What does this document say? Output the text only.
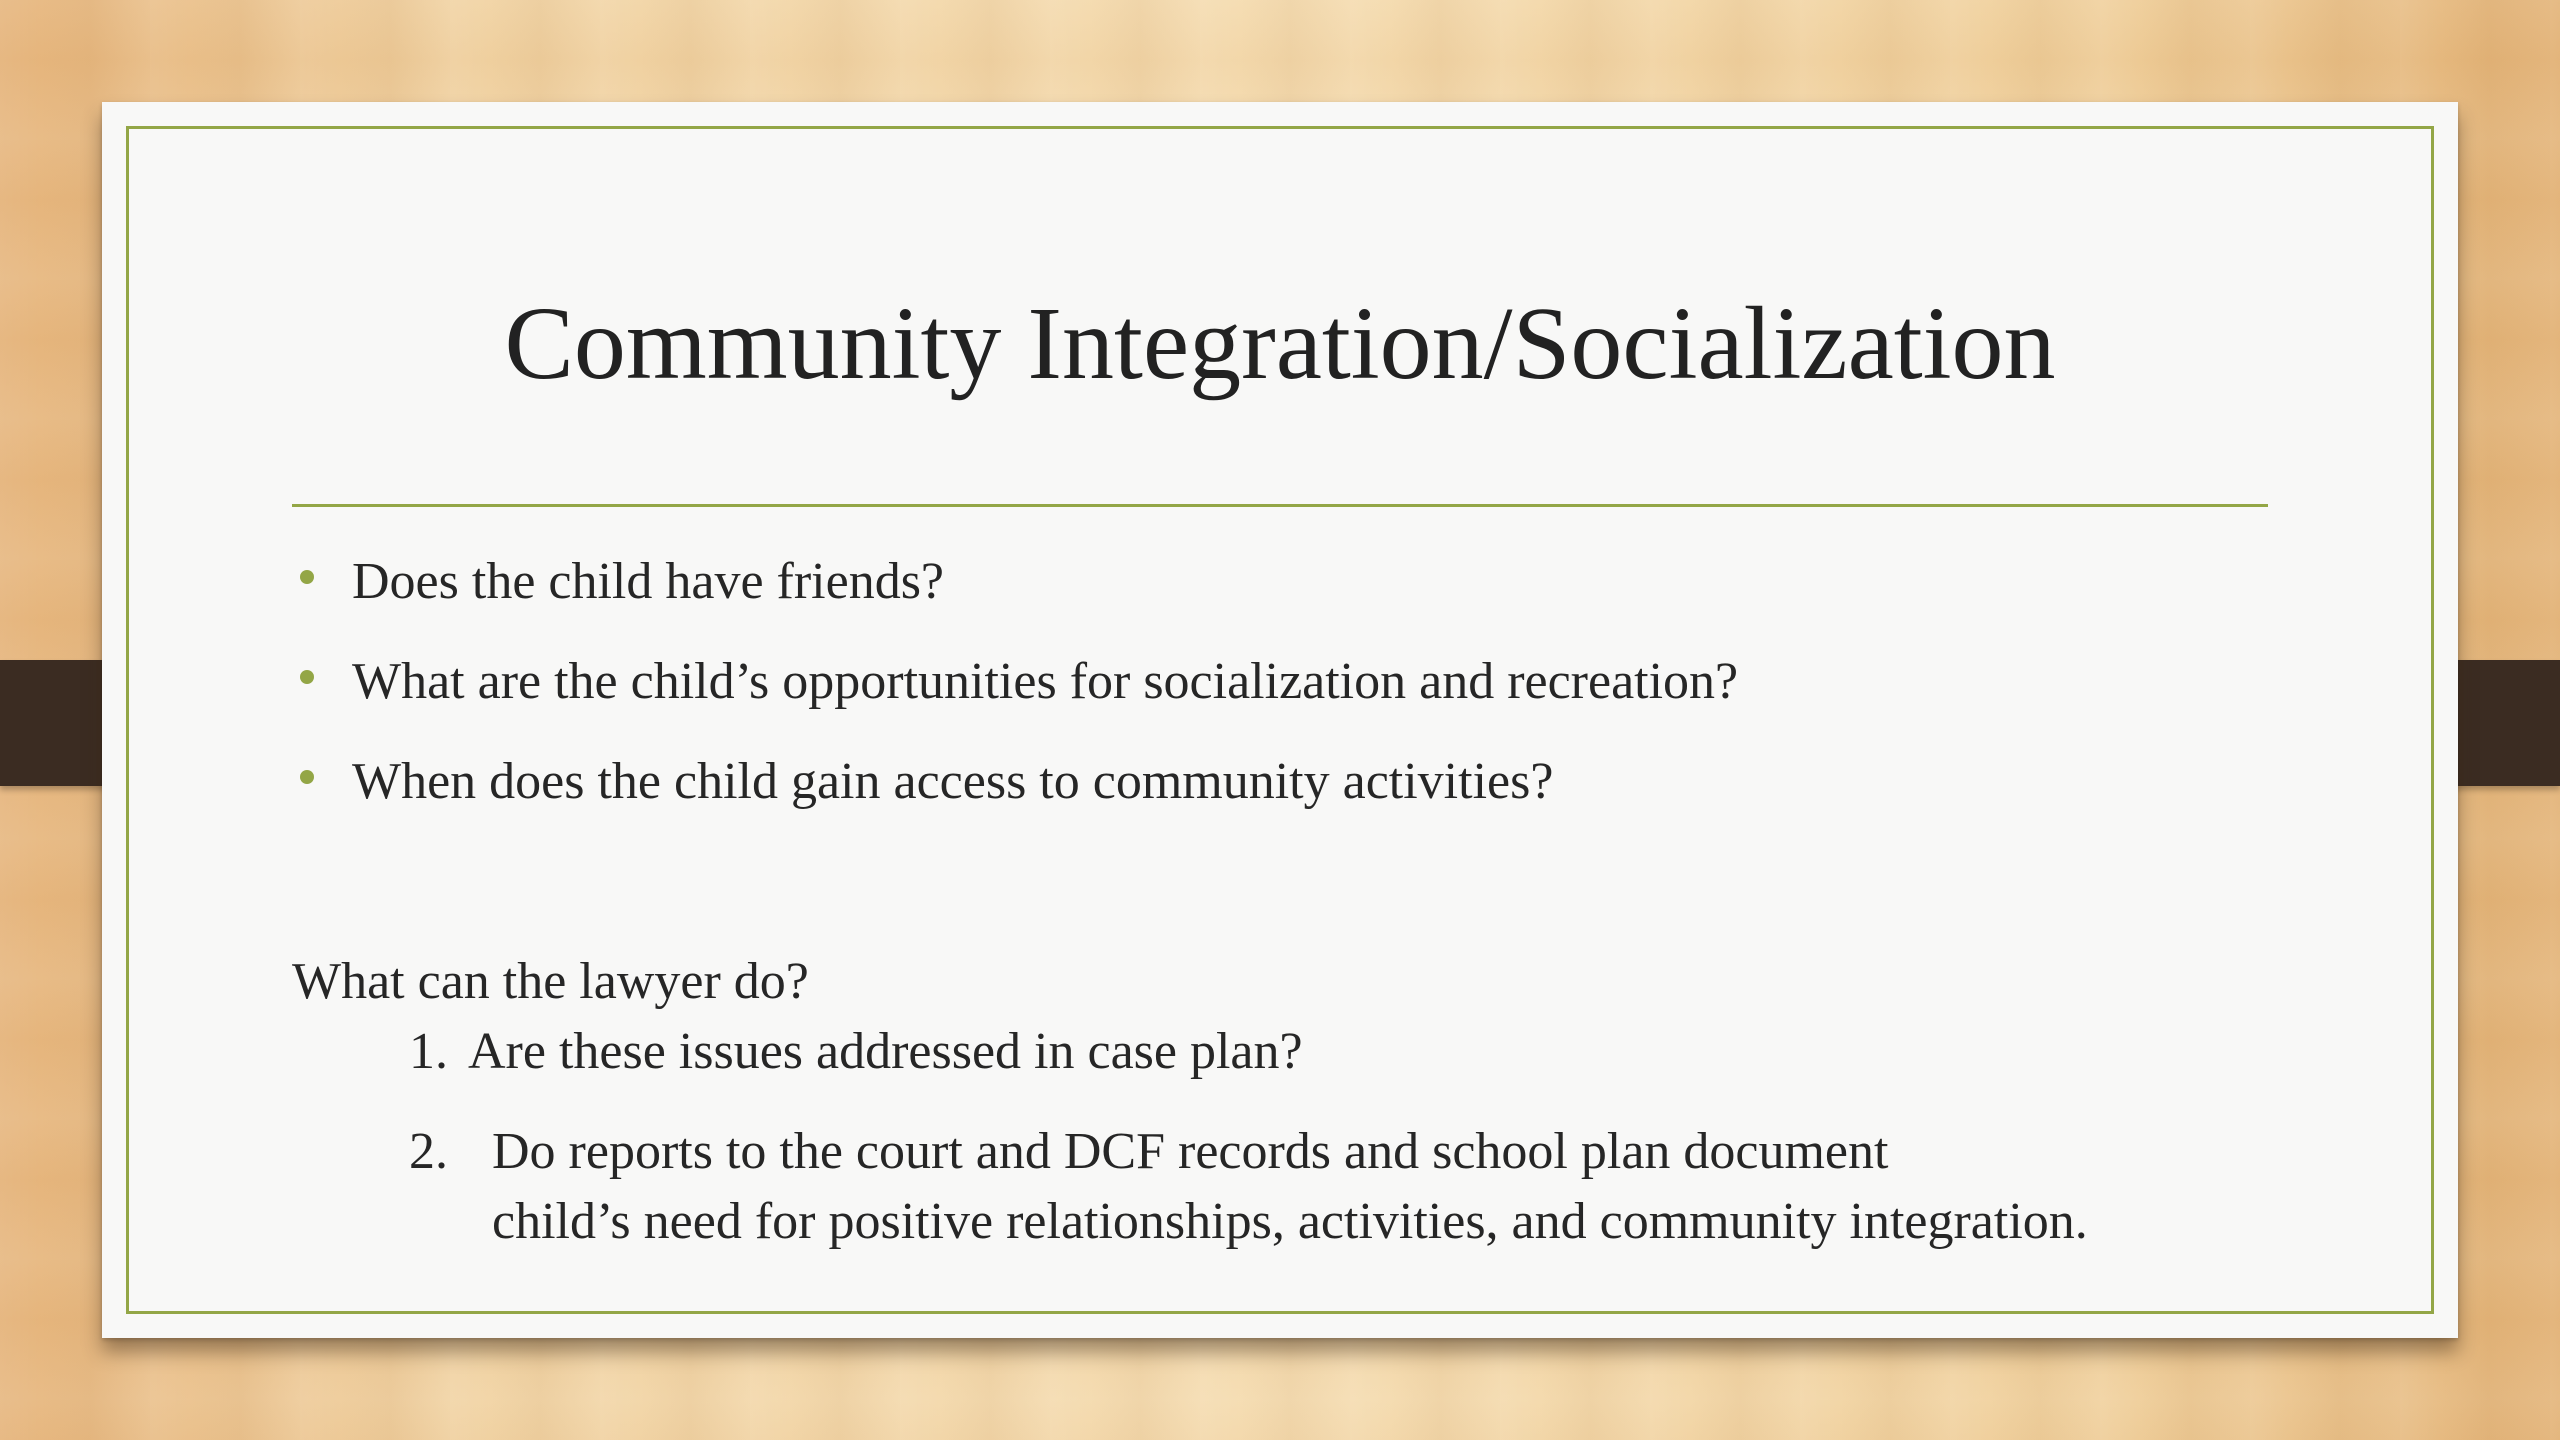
Community Integration/Socialization
Does the child have friends?
What are the child’s opportunities for socialization and recreation?
When does the child gain access to community activities?
What can the lawyer do?
1. Are these issues addressed in case plan?
2. Do reports to the court and DCF records and school plan document
child’s need for positive relationships, activities, and community integration.
